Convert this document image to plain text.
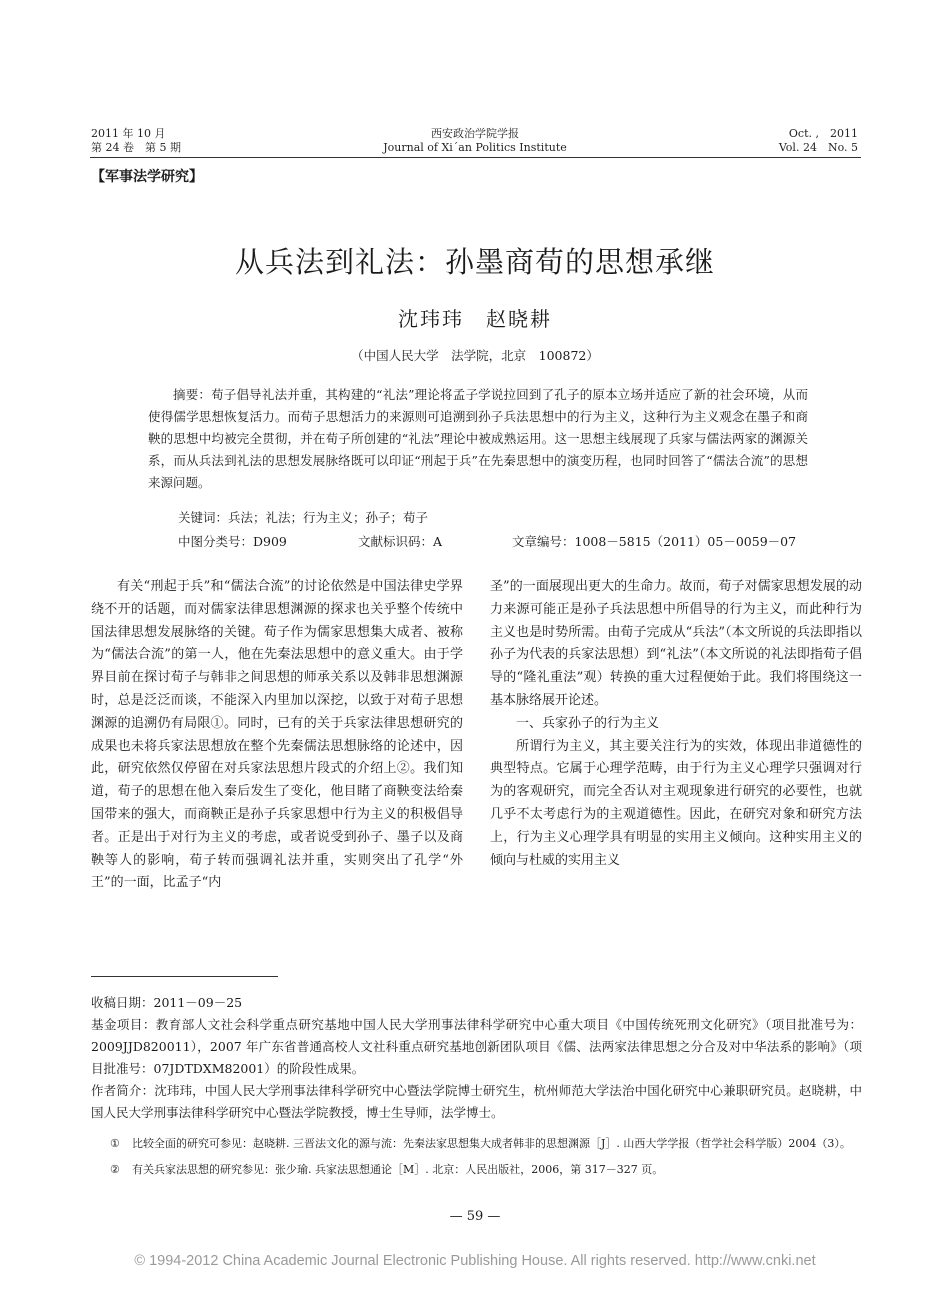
2011 年 10 月
第 24 卷　第 5 期
西安政治学院学报
Journal of Xi´an Politics Institute
Oct. ,　2011
Vol. 24　No. 5
【军事法学研究】
从兵法到礼法：孙墨商荀的思想承继
沈玮玮　赵晓耕
（中国人民大学　法学院，北京　100872）
摘要：荀子倡导礼法并重，其构建的“礼法”理论将孟子学说拉回到了孔子的原本立场并适应了新的社会环境，从而使得儒学思想恢复活力。而荀子思想活力的来源则可追溯到孙子兵法思想中的行为主义，这种行为主义观念在墨子和商鞅的思想中均被完全贯彻，并在荀子所创建的“礼法”理论中被成熟运用。这一思想主线展现了兵家与儒法两家的渊源关系，而从兵法到礼法的思想发展脉络既可以印证“刑起于兵”在先秦思想中的演变历程，也同时回答了“儒法合流”的思想来源问题。
关键词：兵法；礼法；行为主义；孙子；荀子
中图分类号：D909	文献标识码：A	文章编号：1008－5815（2011）05－0059－07

有关“刑起于兵”和“儒法合流”的讨论依然是中国法律史学界绕不开的话题，而对儒家法律思想渊源的探求也关乎整个传统中国法律思想发展脉络的关键。荀子作为儒家思想集大成者、被称为“儒法合流”的第一人，他在先秦法思想中的意义重大。由于学界目前在探讨荀子与韩非之间思想的师承关系以及韩非思想渊源时，总是泛泛而谈，不能深入内里加以深挖，以致于对荀子思想渊源的追溯仍有局限①。同时，已有的关于兵家法律思想研究的成果也未将兵家法思想放在整个先秦儒法思想脉络的论述中，因此，研究依然仅停留在对兵家法思想片段式的介绍上②。我们知道，荀子的思想在他入秦后发生了变化，他目睹了商鞅变法给秦国带来的强大，而商鞅正是孙子兵家思想中行为主义的积极倡导者。正是出于对行为主义的考虑，或者说受到孙子、墨子以及商鞅等人的影响，荀子转而强调礼法并重，实则突出了孔学“外王”的一面，比孟子“内

圣”的一面展现出更大的生命力。故而，荀子对儒家思想发展的动力来源可能正是孙子兵法思想中所倡导的行为主义，而此种行为主义也是时势所需。由荀子完成从“兵法”（本文所说的兵法即指以孙子为代表的兵家法思想）到“礼法”（本文所说的礼法即指荀子倡导的“隆礼重法”观）转换的重大过程便始于此。我们将围绕这一基本脉络展开论述。

一、兵家孙子的行为主义

所谓行为主义，其主要关注行为的实效，体现出非道德性的典型特点。它属于心理学范畴，由于行为主义心理学只强调对行为的客观研究，而完全否认对主观现象进行研究的必要性，也就几乎不太考虑行为的主观道德性。因此，在研究对象和研究方法上，行为主义心理学具有明显的实用主义倾向。这种实用主义的倾向与杜威的实用主义

收稿日期：2011－09－25

基金项目：教育部人文社会科学重点研究基地中国人民大学刑事法律科学研究中心重大项目《中国传统死刑文化研究》（项目批准号为：2009JJD820011），2007 年广东省普通高校人文社科重点研究基地创新团队项目《儒、法两家法律思想之分合及对中华法系的影响》（项目批准号：07JDTDXM82001）的阶段性成果。

作者简介：沈玮玮，中国人民大学刑事法律科学研究中心暨法学院博士研究生，杭州师范大学法治中国化研究中心兼职研究员。赵晓耕，中国人民大学刑事法律科学研究中心暨法学院教授，博士生导师，法学博士。

① 比较全面的研究可参见：赵晓耕. 三晋法文化的源与流：先秦法家思想集大成者韩非的思想渊源［J］. 山西大学学报（哲学社会科学版）2004（3）。

② 有关兵家法思想的研究参见：张少瑜. 兵家法思想通论［M］. 北京：人民出版社，2006，第 317－327 页。

— 59 —
© 1994-2012 China Academic Journal Electronic Publishing House. All rights reserved. http://www.cnki.net
